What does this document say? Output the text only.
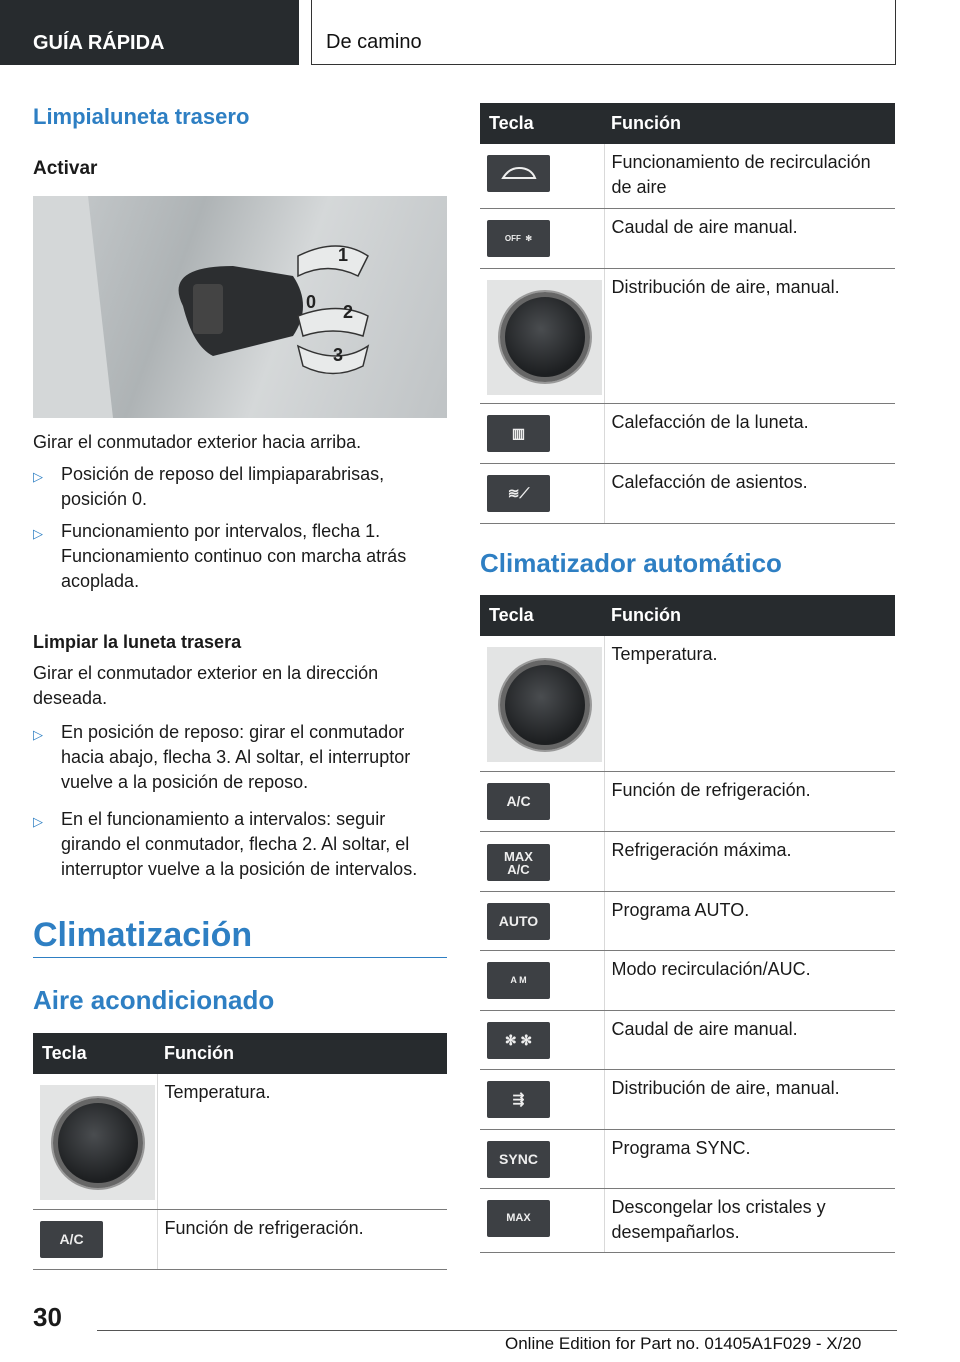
GUÍA RÁPIDA	De camino
Limpialuneta trasero
Activar
1
0 2
3
Girar el conmutador exterior hacia arriba.
▷	Posición de reposo del limpiaparabrisas, posición 0.
▷	Funcionamiento por intervalos, flecha 1. Funcionamiento continuo con marcha atrás acoplada.
Limpiar la luneta trasera
Girar el conmutador exterior en la dirección deseada.
▷	En posición de reposo: girar el conmutador hacia abajo, flecha 3. Al soltar, el interruptor vuelve a la posición de reposo.
▷	En el funcionamiento a intervalos: seguir girando el conmutador, flecha 2. Al soltar, el interruptor vuelve a la posición de intervalos.
Climatización
Aire acondicionado
Tecla	Función

	Temperatura.
A/C	Función de refrigeración.
Tecla	Función

	Funcionamiento de recirculación de aire

OFF ✻	Caudal de aire manual.

	Distribución de aire, manual.
▥	Calefacción de la luneta.
≋⟋	Calefacción de asientos.
Climatizador automático
Tecla	Función

	Temperatura.
A/C	Función de refrigeración.
MAX
A/C	Refrigeración máxima.
AUTO	Programa AUTO.
A M	Modo recirculación/AUC.
✻ ✻	Caudal de aire manual.
⇶	Distribución de aire, manual.
SYNC	Programa SYNC.
MAX	Descongelar los cristales y desempañarlos.
30
Online Edition for Part no. 01405A1F029 - X/20
